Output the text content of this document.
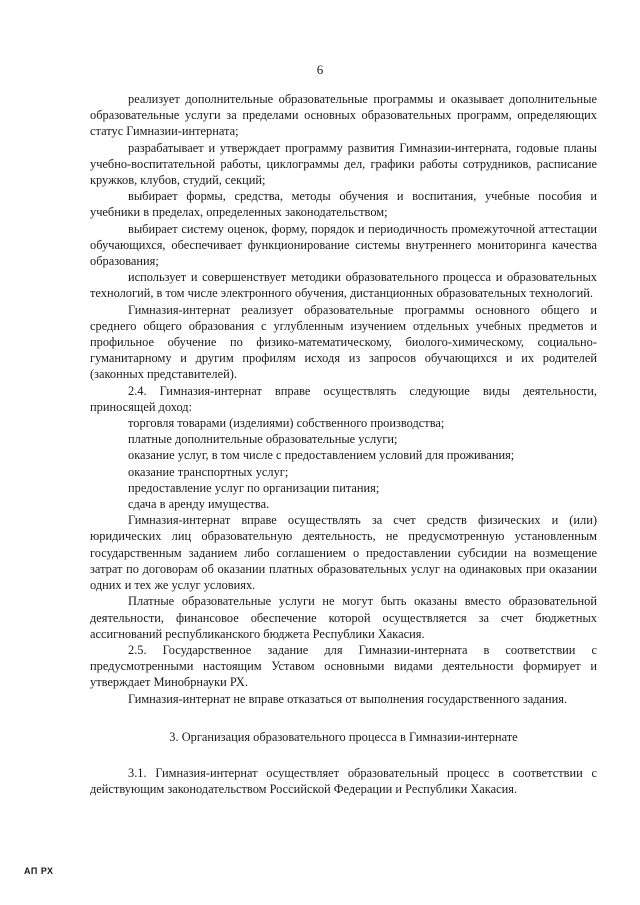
6

реализует дополнительные образовательные программы и оказывает дополнительные образовательные услуги за пределами основных образовательных программ, определяющих статус Гимназии-интерната;

разрабатывает и утверждает программу развития Гимназии-интерната, годовые планы учебно-воспитательной работы, циклограммы дел, графики работы сотрудников, расписание кружков, клубов, студий, секций;

выбирает формы, средства, методы обучения и воспитания, учебные пособия и учебники в пределах, определенных законодательством;

выбирает систему оценок, форму, порядок и периодичность промежуточной аттестации обучающихся, обеспечивает функционирование системы внутреннего мониторинга качества образования;

использует и совершенствует методики образовательного процесса и образовательных технологий, в том числе электронного обучения, дистанционных образовательных технологий.

Гимназия-интернат реализует образовательные программы основного общего и среднего общего образования с углубленным изучением отдельных учебных предметов и профильное обучение по физико-математическому, биолого-химическому, социально-гуманитарному и другим профилям исходя из запросов обучающихся и их родителей (законных представителей).

2.4. Гимназия-интернат вправе осуществлять следующие виды деятельности, приносящей доход:

торговля товарами (изделиями) собственного производства;

платные дополнительные образовательные услуги;

оказание услуг, в том числе с предоставлением условий для проживания;

оказание транспортных услуг;

предоставление услуг по организации питания;

сдача в аренду имущества.

Гимназия-интернат вправе осуществлять за счет средств физических и (или) юридических лиц образовательную деятельность, не предусмотренную установленным государственным заданием либо соглашением о предоставлении субсидии на возмещение затрат по договорам об оказании платных образовательных услуг на одинаковых при оказании одних и тех же услуг условиях.

Платные образовательные услуги не могут быть оказаны вместо образовательной деятельности, финансовое обеспечение которой осуществляется за счет бюджетных ассигнований республиканского бюджета Республики Хакасия.

2.5. Государственное задание для Гимназии-интерната в соответствии с предусмотренными настоящим Уставом основными видами деятельности формирует и утверждает Минобрнауки РХ.

Гимназия-интернат не вправе отказаться от выполнения государственного задания.

3. Организация образовательного процесса в Гимназии-интернате

3.1. Гимназия-интернат осуществляет образовательный процесс в соответствии с действующим законодательством Российской Федерации и Республики Хакасия.

АП РХ
